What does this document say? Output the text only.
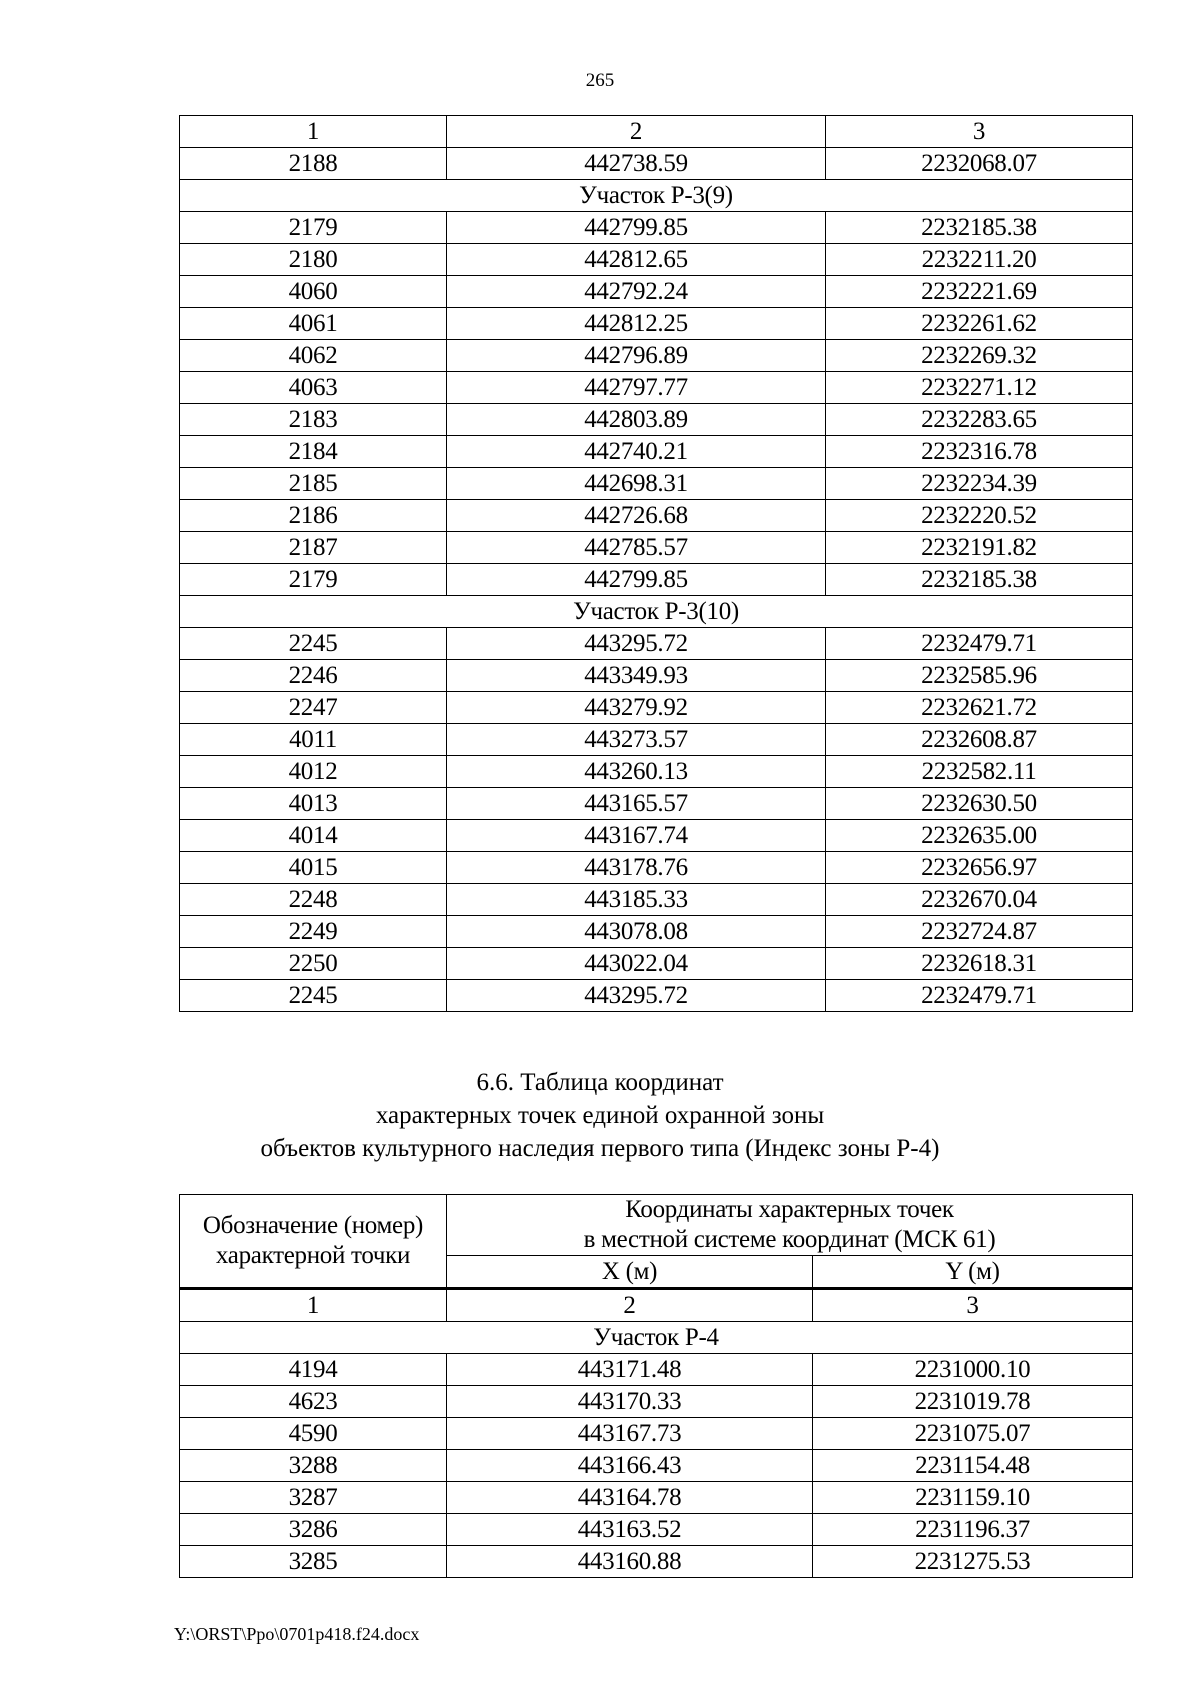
265
1	2	3
2188	442738.59	2232068.07
Участок Р-3(9)		
2179	442799.85	2232185.38
2180	442812.65	2232211.20
4060	442792.24	2232221.69
4061	442812.25	2232261.62
4062	442796.89	2232269.32
4063	442797.77	2232271.12
2183	442803.89	2232283.65
2184	442740.21	2232316.78
2185	442698.31	2232234.39
2186	442726.68	2232220.52
2187	442785.57	2232191.82
2179	442799.85	2232185.38
Участок Р-3(10)		
2245	443295.72	2232479.71
2246	443349.93	2232585.96
2247	443279.92	2232621.72
4011	443273.57	2232608.87
4012	443260.13	2232582.11
4013	443165.57	2232630.50
4014	443167.74	2232635.00
4015	443178.76	2232656.97
2248	443185.33	2232670.04
2249	443078.08	2232724.87
2250	443022.04	2232618.31
2245	443295.72	2232479.71
6.6. Таблица координат
характерных точек единой охранной зоны
объектов культурного наследия первого типа (Индекс зоны Р-4)
Обозначение (номер) характерной точки	Координаты характерных точек
в местной системе координат (МСК 61)	

	X (м)	Y (м)
1	2	3
Участок Р-4		
4194	443171.48	2231000.10
4623	443170.33	2231019.78
4590	443167.73	2231075.07
3288	443166.43	2231154.48
3287	443164.78	2231159.10
3286	443163.52	2231196.37
3285	443160.88	2231275.53
Y:\ORST\Ppo\0701p418.f24.docx
